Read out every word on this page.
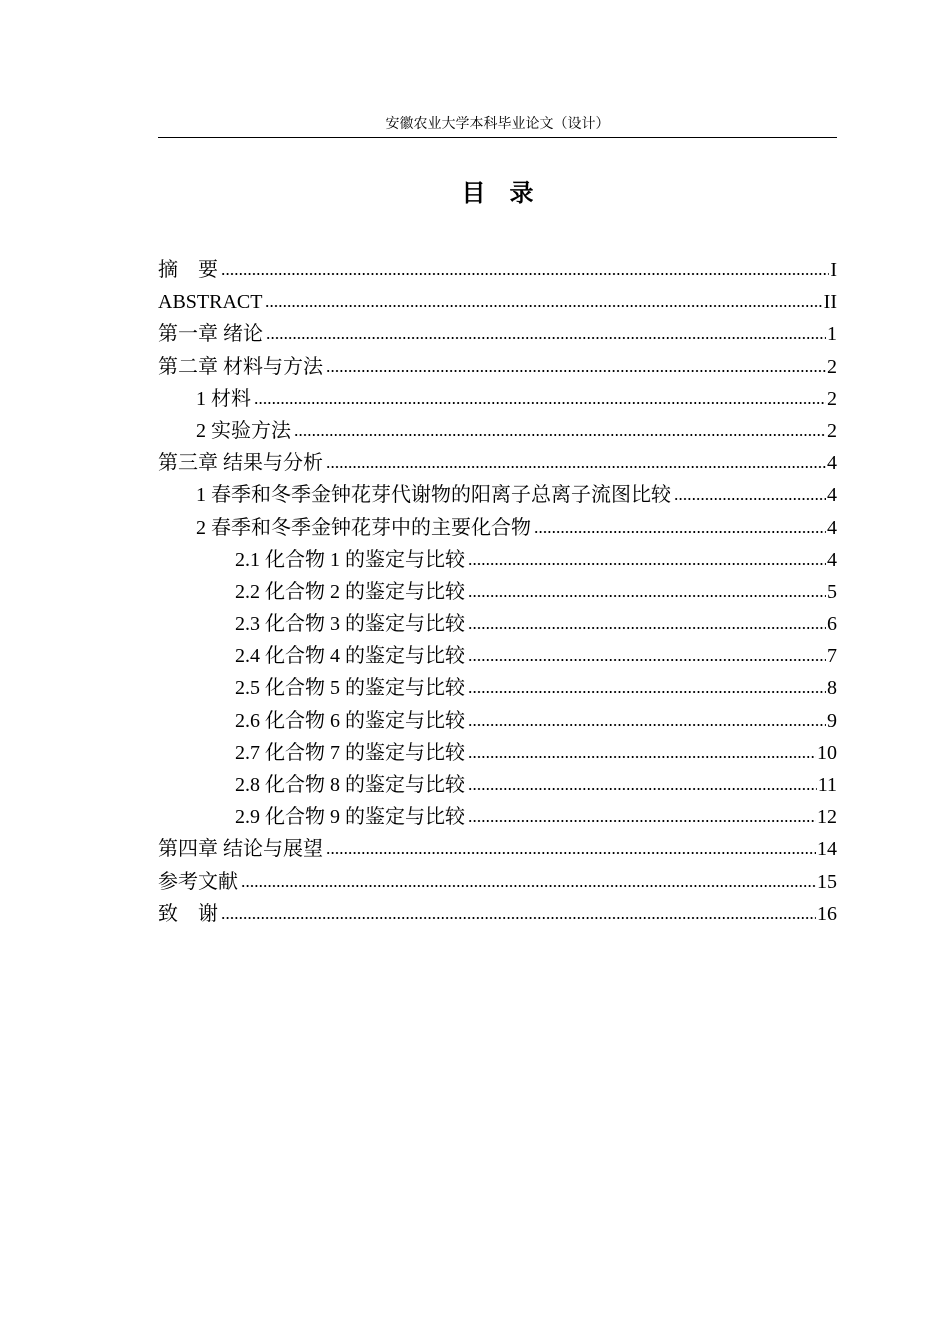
安徽农业大学本科毕业论文（设计）
目　录
摘　要	I
ABSTRACT	II
第一章 绪论	1
第二章 材料与方法	2
1 材料	2
2 实验方法	2
第三章 结果与分析	4
1 春季和冬季金钟花芽代谢物的阳离子总离子流图比较	4
2 春季和冬季金钟花芽中的主要化合物	4
2.1 化合物 1 的鉴定与比较	4
2.2 化合物 2 的鉴定与比较	5
2.3 化合物 3 的鉴定与比较	6
2.4 化合物 4 的鉴定与比较	7
2.5 化合物 5 的鉴定与比较	8
2.6 化合物 6 的鉴定与比较	9
2.7 化合物 7 的鉴定与比较	10
2.8 化合物 8 的鉴定与比较	11
2.9 化合物 9 的鉴定与比较	12
第四章 结论与展望	14
参考文献	15
致　谢	16
